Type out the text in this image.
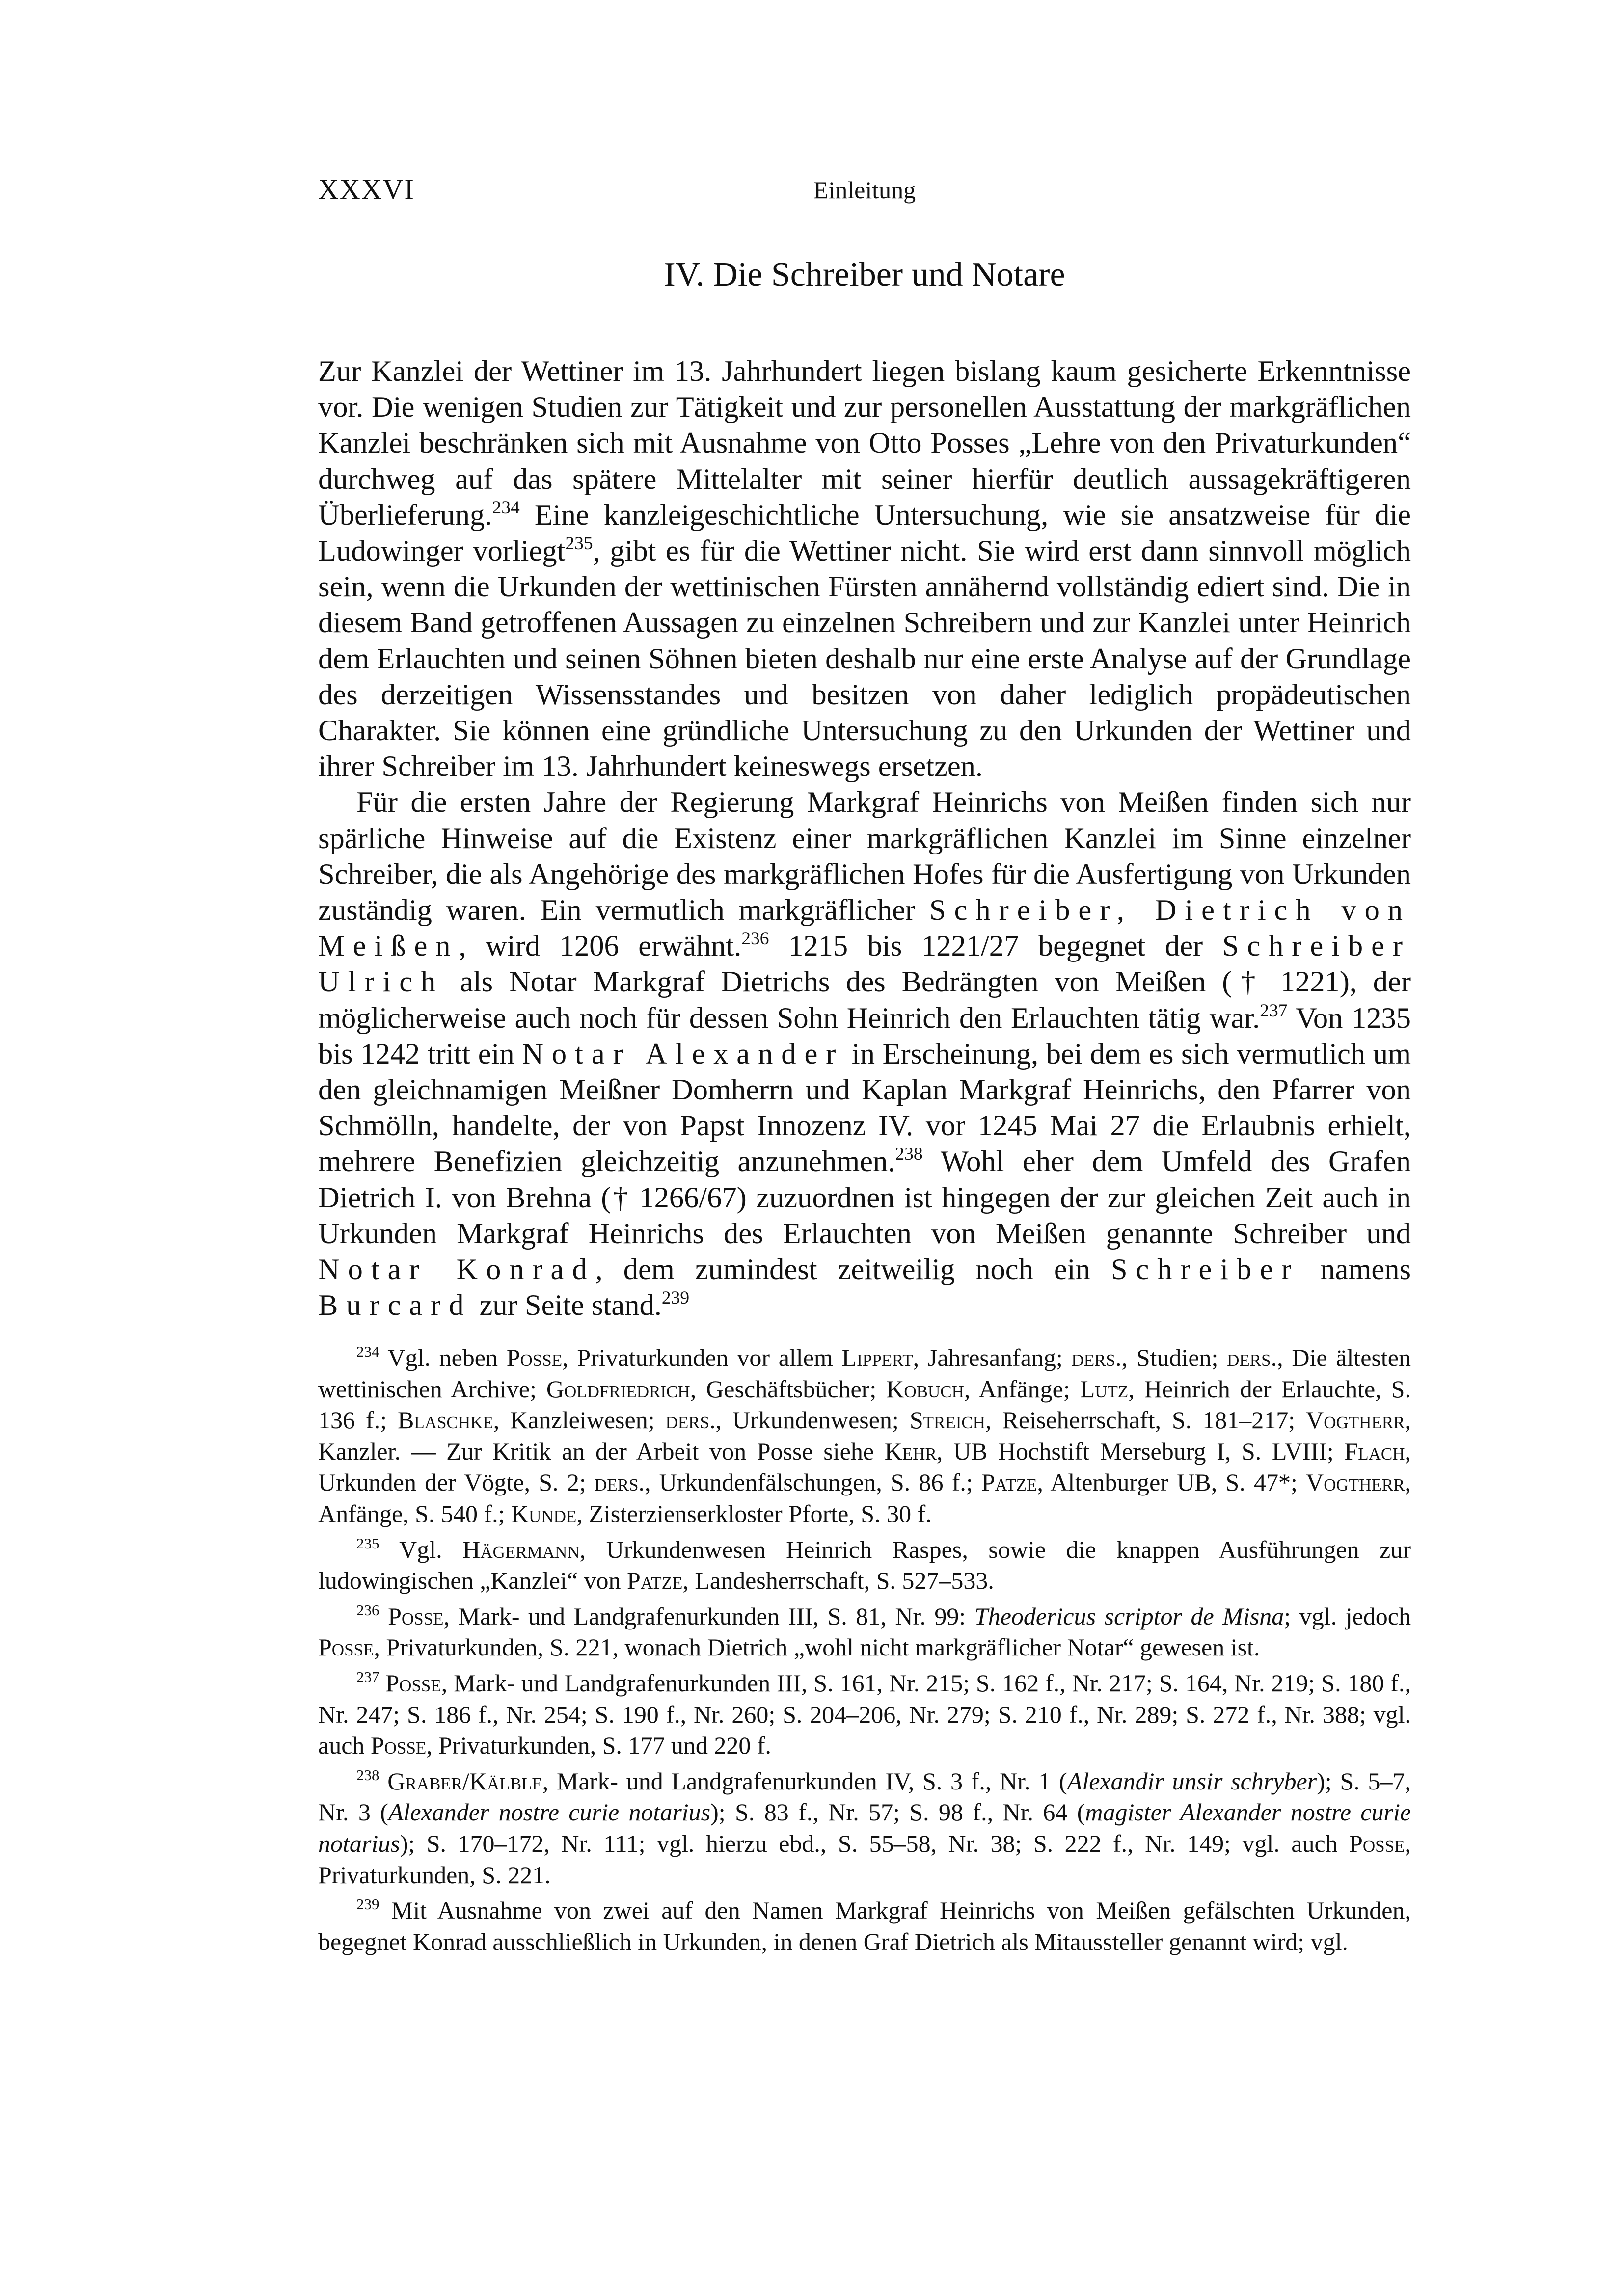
XXXVI	Einleitung
IV. Die Schreiber und Notare

Zur Kanzlei der Wettiner im 13. Jahrhundert liegen bislang kaum gesicherte Erkenntnisse vor. Die wenigen Studien zur Tätigkeit und zur personellen Ausstattung der markgräflichen Kanzlei beschränken sich mit Ausnahme von Otto Posses „Lehre von den Privaturkunden“ durchweg auf das spätere Mittelalter mit seiner hierfür deutlich aussagekräftigeren Überlieferung.$^{234}$ Eine kanzleigeschichtliche Untersuchung, wie sie ansatzweise für die Ludowinger vorliegt$^{235}$, gibt es für die Wettiner nicht. Sie wird erst dann sinnvoll möglich sein, wenn die Urkunden der wettinischen Fürsten annähernd vollständig ediert sind. Die in diesem Band getroffenen Aussagen zu einzelnen Schreibern und zur Kanzlei unter Heinrich dem Erlauchten und seinen Söhnen bieten deshalb nur eine erste Analyse auf der Grundlage des derzeitigen Wissensstandes und besitzen von daher lediglich propädeutischen Charakter. Sie können eine gründliche Untersuchung zu den Urkunden der Wettiner und ihrer Schreiber im 13. Jahrhundert keineswegs ersetzen.

Für die ersten Jahre der Regierung Markgraf Heinrichs von Meißen finden sich nur spärliche Hinweise auf die Existenz einer markgräflichen Kanzlei im Sinne einzelner Schreiber, die als Angehörige des markgräflichen Hofes für die Ausfertigung von Urkunden zuständig waren. Ein vermutlich markgräflicher Schreiber, Dietrich von Meißen, wird 1206 erwähnt.$^{236}$ 1215 bis 1221/27 begegnet der Schreiber Ulrich als Notar Markgraf Dietrichs des Bedrängten von Meißen († 1221), der möglicherweise auch noch für dessen Sohn Heinrich den Erlauchten tätig war.$^{237}$ Von 1235 bis 1242 tritt ein Notar Alexander in Erscheinung, bei dem es sich vermutlich um den gleichnamigen Meißner Domherrn und Kaplan Markgraf Heinrichs, den Pfarrer von Schmölln, handelte, der von Papst Innozenz IV. vor 1245 Mai 27 die Erlaubnis erhielt, mehrere Benefizien gleichzeitig anzunehmen.$^{238}$ Wohl eher dem Umfeld des Grafen Dietrich I. von Brehna († 1266/67) zuzuordnen ist hingegen der zur gleichen Zeit auch in Urkunden Markgraf Heinrichs des Erlauchten von Meißen genannte Schreiber und Notar Konrad, dem zumindest zeitweilig noch ein Schreiber namens Burcard zur Seite stand.$^{239}$

$^{234}$ Vgl. neben Posse, Privaturkunden vor allem Lippert, Jahresanfang; ders., Studien; ders., Die ältesten wettinischen Archive; Goldfriedrich, Geschäftsbücher; Kobuch, Anfänge; Lutz, Heinrich der Erlauchte, S. 136 f.; Blaschke, Kanzleiwesen; ders., Urkundenwesen; Streich, Reiseherrschaft, S. 181–217; Vogtherr, Kanzler. — Zur Kritik an der Arbeit von Posse siehe Kehr, UB Hochstift Merseburg I, S. LVIII; Flach, Urkunden der Vögte, S. 2; ders., Urkundenfälschungen, S. 86 f.; Patze, Altenburger UB, S. 47*; Vogtherr, Anfänge, S. 540 f.; Kunde, Zisterzienserkloster Pforte, S. 30 f.

$^{235}$ Vgl. Hägermann, Urkundenwesen Heinrich Raspes, sowie die knappen Ausführungen zur ludowingischen „Kanzlei“ von Patze, Landesherrschaft, S. 527–533.

$^{236}$ Posse, Mark- und Landgrafenurkunden III, S. 81, Nr. 99: Theodericus scriptor de Misna; vgl. jedoch Posse, Privaturkunden, S. 221, wonach Dietrich „wohl nicht markgräflicher Notar“ gewesen ist.

$^{237}$ Posse, Mark- und Landgrafenurkunden III, S. 161, Nr. 215; S. 162 f., Nr. 217; S. 164, Nr. 219; S. 180 f., Nr. 247; S. 186 f., Nr. 254; S. 190 f., Nr. 260; S. 204–206, Nr. 279; S. 210 f., Nr. 289; S. 272 f., Nr. 388; vgl. auch Posse, Privaturkunden, S. 177 und 220 f.

$^{238}$ Graber/Kälble, Mark- und Landgrafenurkunden IV, S. 3 f., Nr. 1 (Alexandir unsir schryber); S. 5–7, Nr. 3 (Alexander nostre curie notarius); S. 83 f., Nr. 57; S. 98 f., Nr. 64 (magister Alexander nostre curie notarius); S. 170–172, Nr. 111; vgl. hierzu ebd., S. 55–58, Nr. 38; S. 222 f., Nr. 149; vgl. auch Posse, Privaturkunden, S. 221.

$^{239}$ Mit Ausnahme von zwei auf den Namen Markgraf Heinrichs von Meißen gefälschten Urkunden, begegnet Konrad ausschließlich in Urkunden, in denen Graf Dietrich als Mitaussteller genannt wird; vgl.
